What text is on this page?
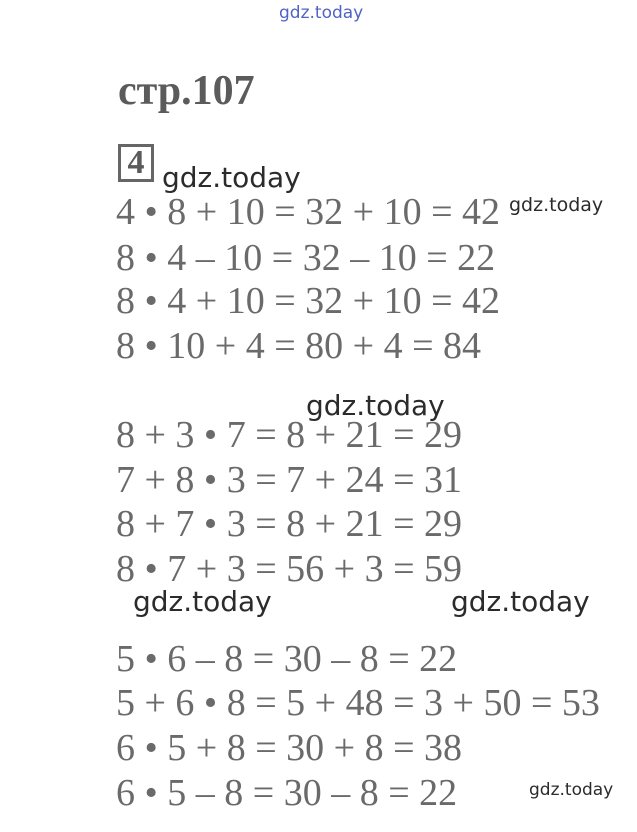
gdz.today
стр.107
4
4 • 8 + 10 = 32 + 10 = 42
8 • 4 – 10 = 32 – 10 = 22
8 • 4 + 10 = 32 + 10 = 42
8 • 10 + 4 = 80 + 4 = 84
8 + 3 • 7 = 8 + 21 = 29
7 + 8 • 3 = 7 + 24 = 31
8 + 7 • 3 = 8 + 21 = 29
8 • 7 + 3 = 56 + 3 = 59
5 • 6 – 8 = 30 – 8 = 22
5 + 6 • 8 = 5 + 48 = 3 + 50 = 53
6 • 5 + 8 = 30 + 8 = 38
6 • 5 – 8 = 30 – 8 = 22
gdz.today
gdz.today
gdz.today
gdz.today	gdz.today
gdz.today
